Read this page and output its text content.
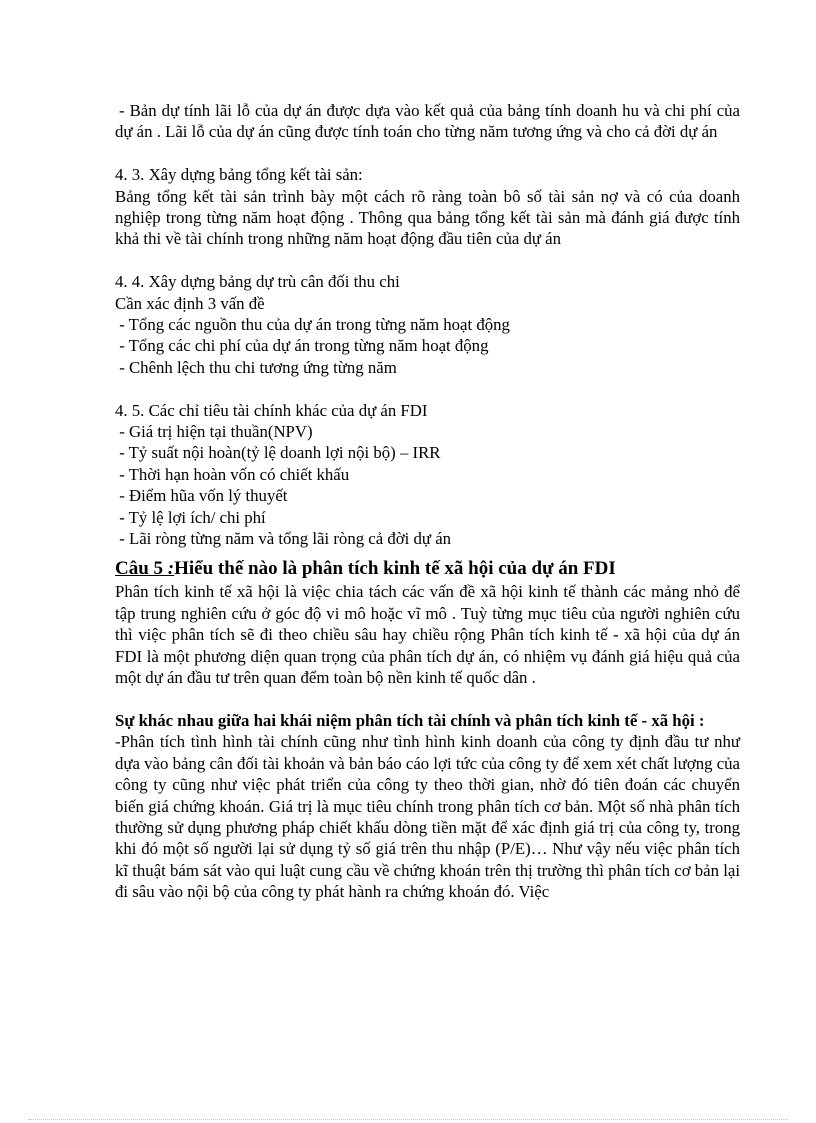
- Bản dự tính lãi lỗ của dự án được dựa vào kết quả của bảng tính doanh hu và chi phí của dự án . Lãi lỗ của dự án cũng được tính toán cho từng năm tương ứng và cho cả đời dự án

4. 3. Xây dựng bảng tổng kết tài sản:

Bảng tổng kết tài sản trình bày một cách rõ ràng toàn bô số tài sản nợ và có của doanh nghiệp trong từng năm hoạt động . Thông qua bảng tổng kết tài sản mà đánh giá được tính khả thi về tài chính trong những năm hoạt động đầu tiên của dự án

4. 4. Xây dựng bảng dự trù cân đối thu chi

Cần xác định 3 vấn đề

- Tổng các nguồn thu của dự án trong từng năm hoạt động

- Tổng các chi phí của dự án trong từng năm hoạt động

- Chênh lệch thu chi tương ứng từng năm

4. 5. Các chỉ tiêu tài chính khác của dự án FDI

- Giá trị hiện tại thuần(NPV)

- Tỷ suất nội hoàn(tỷ lệ doanh lợi nội bộ) – IRR

- Thời hạn hoàn vốn có chiết khấu

- Điểm hũa vốn lý thuyết

- Tỷ lệ lợi ích/ chi phí

- Lãi ròng từng năm và tổng lãi ròng cả đời dự án

Câu 5 :Hiểu thế nào là phân tích kinh tế xã hội của dự án FDI

Phân tích kinh tế xã hội là việc chia tách các vấn đề xã hội kinh tế thành các mảng nhỏ để tập trung nghiên cứu ở góc độ vi mô hoặc vĩ mô . Tuỳ từng mục tiêu của người nghiên cứu thì việc phân tích sẽ đi theo chiều sâu hay chiều rộng Phân tích kinh tế - xã hội của dự án FDI là một phương diện quan trọng của phân tích dự án, có nhiệm vụ đánh giá hiệu quả của một dự án đầu tư trên quan đểm toàn bộ nền kinh tế quốc dân .

Sự khác nhau giữa hai khái niệm phân tích tài chính và phân tích kinh tế - xã hội :

-Phân tích tình hình tài chính cũng như tình hình kinh doanh của công ty định đầu tư như dựa vào bảng cân đối tài khoản và bản báo cáo lợi tức của công ty để xem xét chất lượng của công ty cũng như việc phát triển của công ty theo thời gian, nhờ đó tiên đoán các chuyển biến giá chứng khoán. Giá trị là mục tiêu chính trong phân tích cơ bản. Một số nhà phân tích thường sử dụng phương pháp chiết khấu dòng tiền mặt để xác định giá trị của công ty, trong khi đó một số người lại sử dụng tỷ số giá trên thu nhập (P/E)… Như vậy nếu việc phân tích kĩ thuật bám sát vào qui luật cung cầu về chứng khoán trên thị trường thì phân tích cơ bản lại đi sâu vào nội bộ của công ty phát hành ra chứng khoán đó. Việc
